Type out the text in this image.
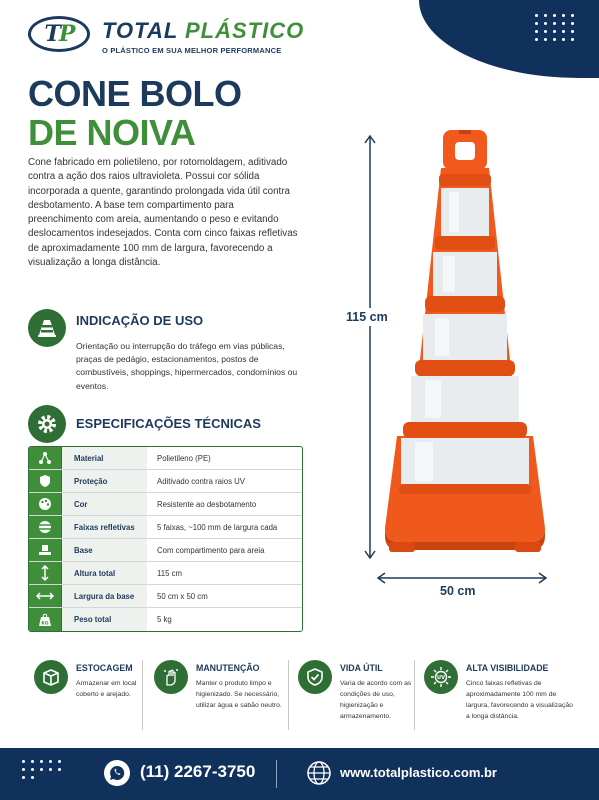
TP TOTAL PLÁSTICO
O PLÁSTICO EM SUA MELHOR PERFORMANCE
CONE BOLO
DE NOIVA

Cone fabricado em polietileno, por rotomoldagem, aditivado contra a ação dos raios ultravioleta. Possui cor sólida incorporada a quente, garantindo prolongada vida útil contra desbotamento. A base tem compartimento para preenchimento com areia, aumentando o peso e evitando deslocamentos indesejados. Conta com cinco faixas refletivas de aproximadamente 100 mm de largura, favorecendo a visualização a longa distância.

INDICAÇÃO DE USO

Orientação ou interrupção do tráfego em vias públicas, praças de pedágio, estacionamentos, postos de combustíveis, shoppings, hipermercados, condomínios ou eventos.

ESPECIFICAÇÕES TÉCNICAS
Material	Polietileno (PE)
Proteção	Aditivado contra raios UV
Cor	Resistente ao desbotamento
Faixas refletivas	5 faixas, ~100 mm de largura cada
Base	Com compartimento para areia
Altura total	115 cm
Largura da base	50 cm x 50 cm
KG	Peso total	5 kg
115 cm
50 cm
ESTOCAGEM
Armazenar em local coberto e arejado.
MANUTENÇÃO
Manter o produto limpo e higienizado. Se necessário, utilizar água e sabão neutro.
VIDA ÚTIL
Varia de acordo com as condições de uso, higienização e armazenamento.
UV
ALTA VISIBILIDADE
Cinco faixas refletivas de aproximadamente 100 mm de largura, favorecendo a visualização a longa distância.
(11) 2267-3750	www.totalplastico.com.br
